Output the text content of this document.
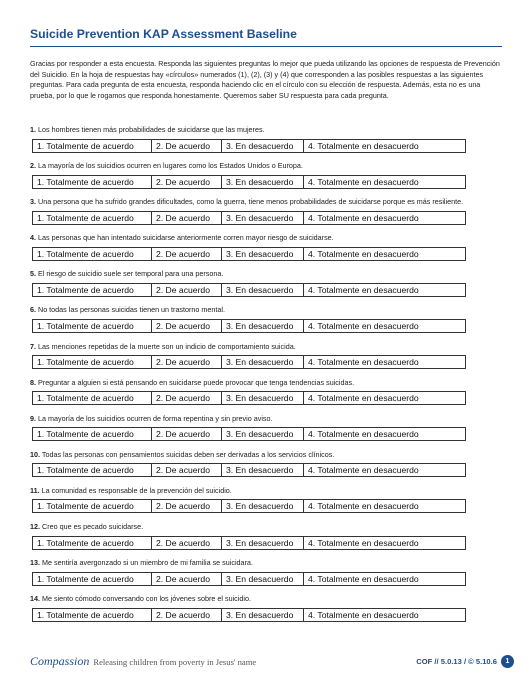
Suicide Prevention KAP Assessment Baseline
Gracias por responder a esta encuesta. Responda las siguientes preguntas lo mejor que pueda utilizando las opciones de respuesta de Prevención del Suicidio. En la hoja de respuestas hay «círculos» numerados (1), (2), (3) y (4) que corresponden a las posibles respuestas a las siguientes preguntas. Para cada pregunta de esta encuesta, responda haciendo clic en el círculo con su elección de respuesta. Además, esta no es una prueba, por lo que le rogamos que responda honestamente. Queremos saber SU respuesta para cada pregunta.
1. Los hombres tienen más probabilidades de suicidarse que las mujeres.
1. Totalmente de acuerdo	2. De acuerdo	3. En desacuerdo	4. Totalmente en desacuerdo
2. La mayoría de los suicidios ocurren en lugares como los Estados Unidos o Europa.
1. Totalmente de acuerdo	2. De acuerdo	3. En desacuerdo	4. Totalmente en desacuerdo
3. Una persona que ha sufrido grandes dificultades, como la guerra, tiene menos probabilidades de suicidarse porque es más resiliente.
1. Totalmente de acuerdo	2. De acuerdo	3. En desacuerdo	4. Totalmente en desacuerdo
4. Las personas que han intentado suicidarse anteriormente corren mayor riesgo de suicidarse.
1. Totalmente de acuerdo	2. De acuerdo	3. En desacuerdo	4. Totalmente en desacuerdo
5. El riesgo de suicidio suele ser temporal para una persona.
1. Totalmente de acuerdo	2. De acuerdo	3. En desacuerdo	4. Totalmente en desacuerdo
6. No todas las personas suicidas tienen un trastorno mental.
1. Totalmente de acuerdo	2. De acuerdo	3. En desacuerdo	4. Totalmente en desacuerdo
7. Las menciones repetidas de la muerte son un indicio de comportamiento suicida.
1. Totalmente de acuerdo	2. De acuerdo	3. En desacuerdo	4. Totalmente en desacuerdo
8. Preguntar a alguien si está pensando en suicidarse puede provocar que tenga tendencias suicidas.
1. Totalmente de acuerdo	2. De acuerdo	3. En desacuerdo	4. Totalmente en desacuerdo
9. La mayoría de los suicidios ocurren de forma repentina y sin previo aviso.
1. Totalmente de acuerdo	2. De acuerdo	3. En desacuerdo	4. Totalmente en desacuerdo
10. Todas las personas con pensamientos suicidas deben ser derivadas a los servicios clínicos.
1. Totalmente de acuerdo	2. De acuerdo	3. En desacuerdo	4. Totalmente en desacuerdo
11. La comunidad es responsable de la prevención del suicidio.
1. Totalmente de acuerdo	2. De acuerdo	3. En desacuerdo	4. Totalmente en desacuerdo
12. Creo que es pecado suicidarse.
1. Totalmente de acuerdo	2. De acuerdo	3. En desacuerdo	4. Totalmente en desacuerdo
13. Me sentiría avergonzado si un miembro de mi familia se suicidara.
1. Totalmente de acuerdo	2. De acuerdo	3. En desacuerdo	4. Totalmente en desacuerdo
14. Me siento cómodo conversando con los jóvenes sobre el suicidio.
1. Totalmente de acuerdo	2. De acuerdo	3. En desacuerdo	4. Totalmente en desacuerdo
Compassion Releasing children from poverty in Jesus' name	COF // 5.0.13 / © 5.10.6	1
